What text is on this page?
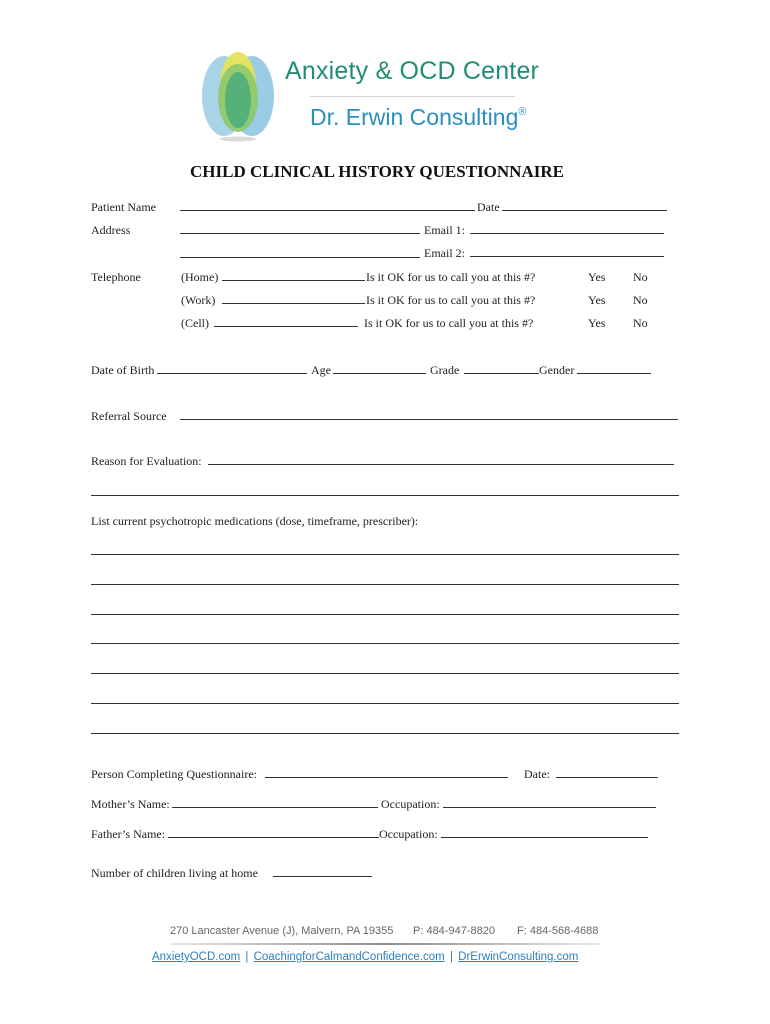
Anxiety & OCD Center
Dr. Erwin Consulting®
CHILD CLINICAL HISTORY QUESTIONNAIRE
Patient Name	Date
Address	Email 1:
Email 2:
Telephone	(Home)	Is it OK for us to call you at this #?	Yes No
(Work)	Is it OK for us to call you at this #?	Yes No
(Cell)	Is it OK for us to call you at this #?	Yes No
Date of Birth	Age	Grade	Gender
Referral Source
Reason for Evaluation:
List current psychotropic medications (dose, timeframe, prescriber):
Person Completing Questionnaire:	Date:
Mother’s Name:	Occupation:
Father’s Name:	Occupation:
Number of children living at home
270 Lancaster Avenue (J), Malvern, PA 19355 P: 484-947-8820 F: 484-568-4688
AnxietyOCD.com | CoachingforCalmandConfidence.com | DrErwinConsulting.com
